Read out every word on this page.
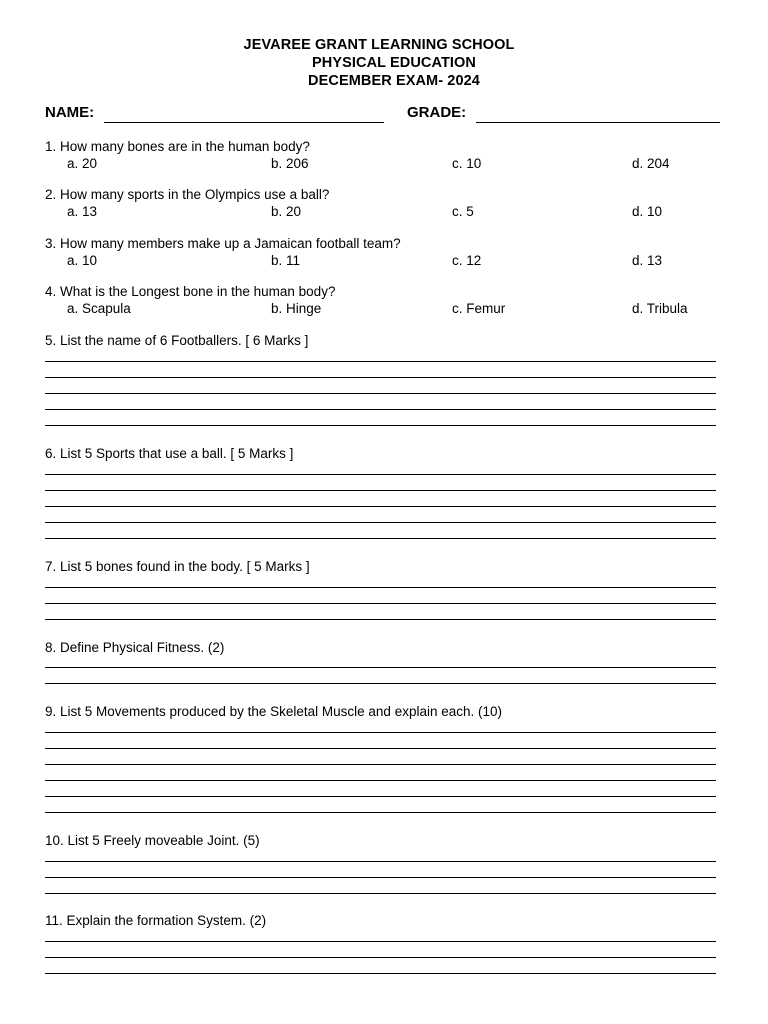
JEVAREE GRANT LEARNING SCHOOL
PHYSICAL EDUCATION
DECEMBER EXAM- 2024
NAME:	GRADE:
1. How many bones are in the human body?
a. 20	b. 206	c. 10	d. 204
2. How many sports in the Olympics use a ball?
a. 13	b. 20	c. 5	d. 10
3. How many members make up a Jamaican football team?
a. 10	b. 11	c. 12	d. 13
4. What is the Longest bone in the human body?
a. Scapula	b. Hinge	c. Femur	d. Tribula
5. List the name of 6 Footballers. [ 6 Marks ]
6. List 5 Sports that use a ball. [ 5 Marks ]
7. List 5 bones found in the body. [ 5 Marks ]
8. Define Physical Fitness. (2)
9. List 5 Movements produced by the Skeletal Muscle and explain each. (10)
10. List 5 Freely moveable Joint. (5)
11. Explain the formation System. (2)
